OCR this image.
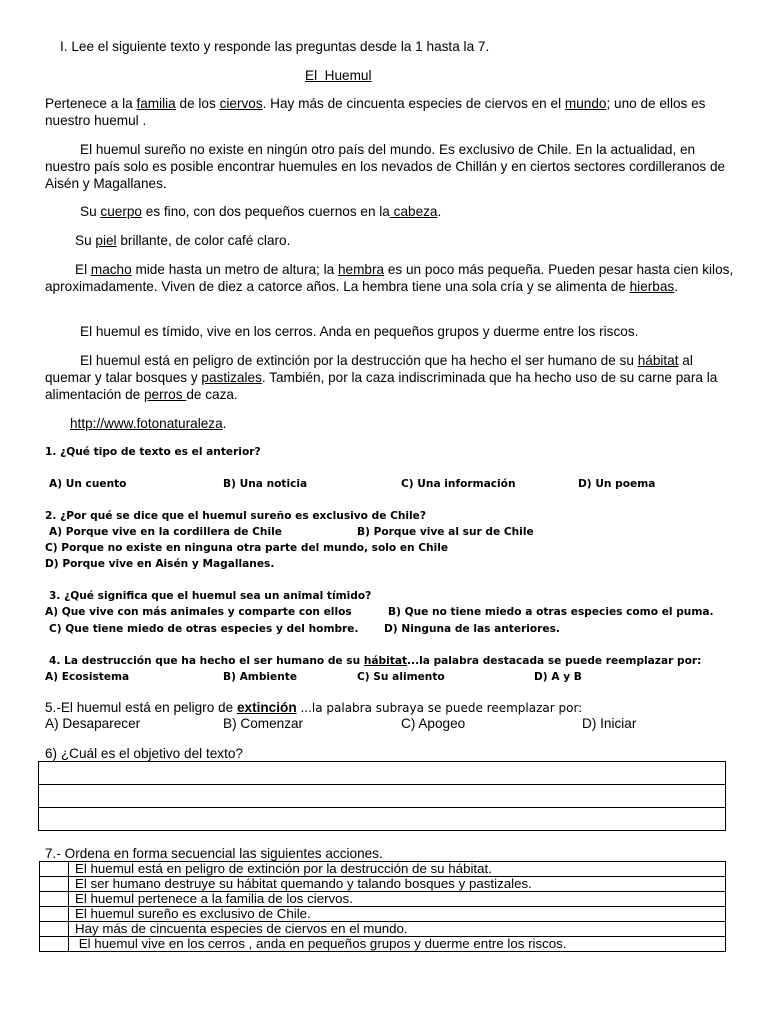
I. Lee el siguiente texto y responde las preguntas desde la 1 hasta la 7.
El Huemul
Pertenece a la familia de los ciervos. Hay más de cincuenta especies de ciervos en el mundo; uno de ellos es nuestro huemul .
El huemul sureño no existe en ningún otro país del mundo. Es exclusivo de Chile. En la actualidad, en nuestro país solo es posible encontrar huemules en los nevados de Chillán y en ciertos sectores cordilleranos de Aisén y Magallanes.
Su cuerpo es fino, con dos pequeños cuernos en la cabeza.
Su piel brillante, de color café claro.
El macho mide hasta un metro de altura; la hembra es un poco más pequeña. Pueden pesar hasta cien kilos, aproximadamente. Viven de diez a catorce años. La hembra tiene una sola cría y se alimenta de hierbas.
El huemul es tímido, vive en los cerros. Anda en pequeños grupos y duerme entre los riscos.
El huemul está en peligro de extinción por la destrucción que ha hecho el ser humano de su hábitat al quemar y talar bosques y pastizales. También, por la caza indiscriminada que ha hecho uso de su carne para la alimentación de perros de caza.
http://www.fotonaturaleza.
1. ¿Qué tipo de texto es el anterior?
A) Un cuento	B) Una noticia	C) Una información	D) Un poema
2. ¿Por qué se dice que el huemul sureño es exclusivo de Chile?
A) Porque vive en la cordillera de Chile	B) Porque vive al sur de Chile
C) Porque no existe en ninguna otra parte del mundo, solo en Chile
D) Porque vive en Aisén y Magallanes.
3. ¿Qué significa que el huemul sea un animal tímido?
A) Que vive con más animales y comparte con ellos	B) Que no tiene miedo a otras especies como el puma.
C) Que tiene miedo de otras especies y del hombre. D) Ninguna de las anteriores.
4. La destrucción que ha hecho el ser humano de su hábitat...la palabra destacada se puede reemplazar por:
A) Ecosistema	B) Ambiente	C) Su alimento	D) A y B
5.-El huemul está en peligro de extinción ...la palabra subraya se puede reemplazar por:
A) Desaparecer	B) Comenzar	C) Apogeo	D) Iniciar
6) ¿Cuál es el objetivo del texto?
7.- Ordena en forma secuencial las siguientes acciones.
	El huemul está en peligro de extinción por la destrucción de su hábitat.
	El ser humano destruye su hábitat quemando y talando bosques y pastizales.
	El huemul pertenece a la familia de los ciervos.
	El huemul sureño es exclusivo de Chile.
	Hay más de cincuenta especies de ciervos en el mundo.
	El huemul vive en los cerros , anda en pequeños grupos y duerme entre los riscos.
